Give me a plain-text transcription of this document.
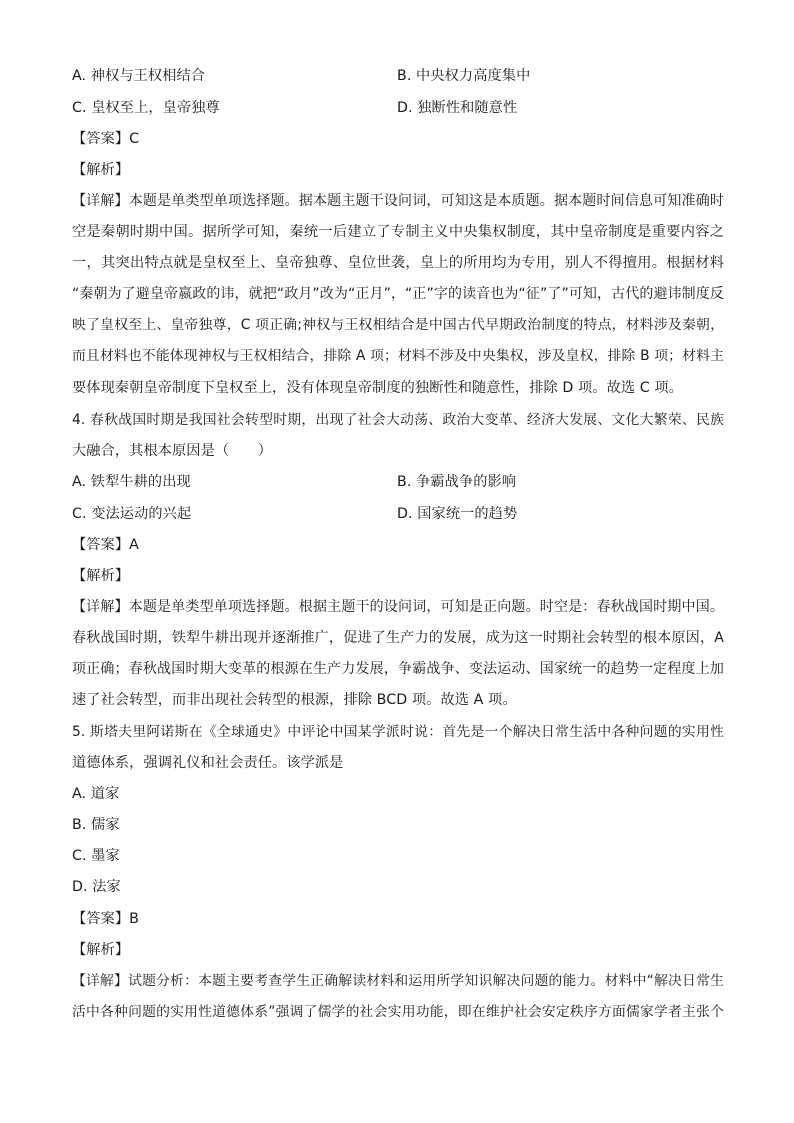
A. 神权与王权相结合	B. 中央权力高度集中
C. 皇权至上，皇帝独尊	D. 独断性和随意性
【答案】C
【解析】
【详解】本题是单类型单项选择题。据本题主题干设问词，可知这是本质题。据本题时间信息可知准确时
空是秦朝时期中国。据所学可知，秦统一后建立了专制主义中央集权制度，其中皇帝制度是重要内容之
一，其突出特点就是皇权至上、皇帝独尊、皇位世袭，皇上的所用均为专用，别人不得擅用。根据材料
“秦朝为了避皇帝嬴政的讳，就把“政月”改为“正月”，“正”字的读音也为“征”了”可知，古代的避讳制度反
映了皇权至上、皇帝独尊，C 项正确;神权与王权相结合是中国古代早期政治制度的特点，材料涉及秦朝，
而且材料也不能体现神权与王权相结合，排除 A 项；材料不涉及中央集权，涉及皇权，排除 B 项；材料主
要体现秦朝皇帝制度下皇权至上，没有体现皇帝制度的独断性和随意性，排除 D 项。故选 C 项。
4. 春秋战国时期是我国社会转型时期，出现了社会大动荡、政治大变革、经济大发展、文化大繁荣、民族
大融合，其根本原因是（　　）
A. 铁犁牛耕的出现	B. 争霸战争的影响
C. 变法运动的兴起	D. 国家统一的趋势
【答案】A
【解析】
【详解】本题是单类型单项选择题。根据主题干的设问词，可知是正向题。时空是：春秋战国时期中国。
春秋战国时期，铁犁牛耕出现并逐渐推广，促进了生产力的发展，成为这一时期社会转型的根本原因，A
项正确；春秋战国时期大变革的根源在生产力发展，争霸战争、变法运动、国家统一的趋势一定程度上加
速了社会转型，而非出现社会转型的根源，排除 BCD 项。故选 A 项。
5. 斯塔夫里阿诺斯在《全球通史》中评论中国某学派时说：首先是一个解决日常生活中各种问题的实用性
道德体系，强调礼仪和社会责任。该学派是
A. 道家
B. 儒家
C. 墨家
D. 法家
【答案】B
【解析】
【详解】试题分析：本题主要考查学生正确解读材料和运用所学知识解决问题的能力。材料中“解决日常生
活中各种问题的实用性道德体系”强调了儒学的社会实用功能，即在维护社会安定秩序方面儒家学者主张个
